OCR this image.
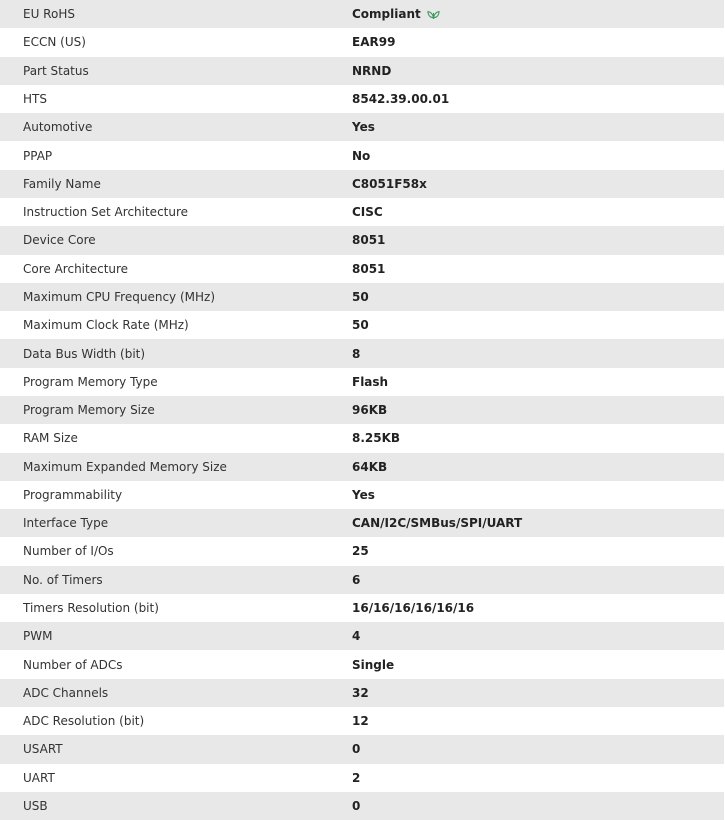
EU RoHS	Compliant
ECCN (US)	EAR99
Part Status	NRND
HTS	8542.39.00.01
Automotive	Yes
PPAP	No
Family Name	C8051F58x
Instruction Set Architecture	CISC
Device Core	8051
Core Architecture	8051
Maximum CPU Frequency (MHz)	50
Maximum Clock Rate (MHz)	50
Data Bus Width (bit)	8
Program Memory Type	Flash
Program Memory Size	96KB
RAM Size	8.25KB
Maximum Expanded Memory Size	64KB
Programmability	Yes
Interface Type	CAN/I2C/SMBus/SPI/UART
Number of I/Os	25
No. of Timers	6
Timers Resolution (bit)	16/16/16/16/16/16
PWM	4
Number of ADCs	Single
ADC Channels	32
ADC Resolution (bit)	12
USART	0
UART	2
USB	0
